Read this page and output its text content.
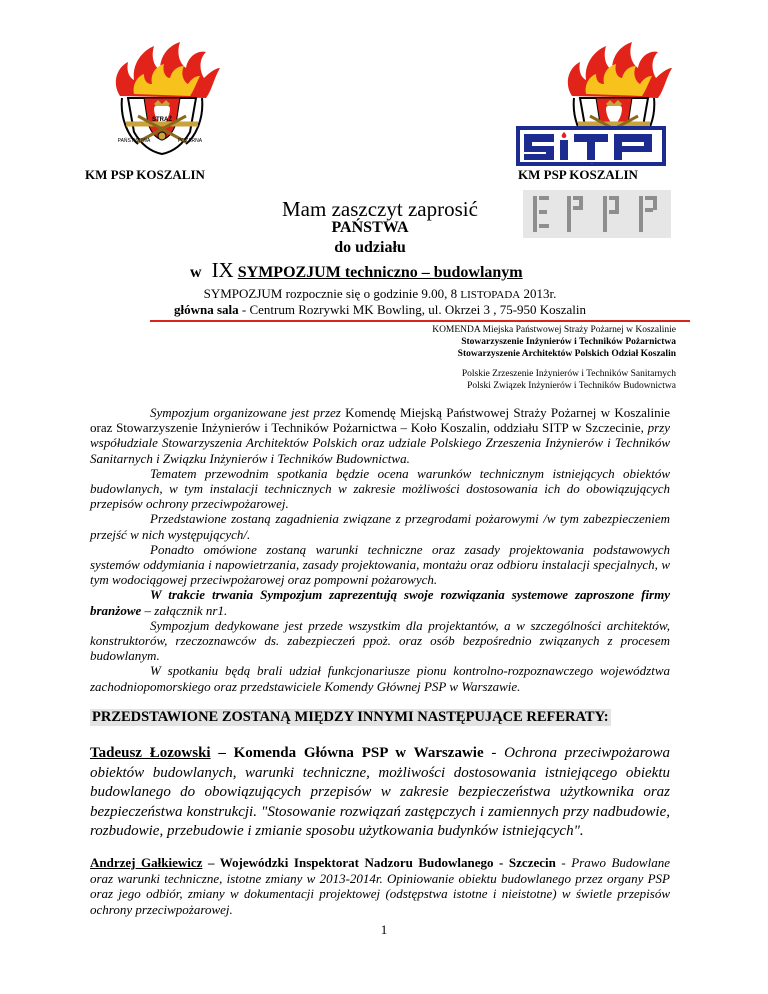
STRAŻ
PAŃSTWOWA	POŻARNA
SITP
KM PSP KOSZALIN	KM PSP KOSZALIN
Mam zaszczyt zaprosić
PAŃSTWA
do udziału
w IX SYMPOZJUM techniczno – budowlanym
SYMPOZJUM rozpocznie się o godzinie 9.00, 8 LISTOPADA 2013r.
główna sala - Centrum Rozrywki MK Bowling, ul. Okrzei 3 , 75-950 Koszalin
KOMENDA Miejska Państwowej Straży Pożarnej w Koszalinie
Stowarzyszenie Inżynierów i Techników Pożarnictwa
Stowarzyszenie Architektów Polskich Odział Koszalin
Polskie Zrzeszenie Inżynierów i Techników Sanitarnych
Polski Związek Inżynierów i Techników Budownictwa
Sympozjum organizowane jest przez Komendę Miejską Państwowej Straży Pożarnej w Koszalinie oraz Stowarzyszenie Inżynierów i Techników Pożarnictwa – Koło Koszalin, oddziału SITP w Szczecinie, przy współudziale Stowarzyszenia Architektów Polskich oraz udziale Polskiego Zrzeszenia Inżynierów i Techników Sanitarnych i Związku Inżynierów i Techników Budownictwa.
Tematem przewodnim spotkania będzie ocena warunków technicznym istniejących obiektów budowlanych, w tym instalacji technicznych w zakresie możliwości dostosowania ich do obowiązujących przepisów ochrony przeciwpożarowej.
Przedstawione zostaną zagadnienia związane z przegrodami pożarowymi /w tym zabezpieczeniem przejść w nich występujących/.
Ponadto omówione zostaną warunki techniczne oraz zasady projektowania podstawowych systemów oddymiania i napowietrzania, zasady projektowania, montażu oraz odbioru instalacji specjalnych, w tym wodociągowej przeciwpożarowej oraz pompowni pożarowych.
W trakcie trwania Sympozjum zaprezentują swoje rozwiązania systemowe zaproszone firmy branżowe – załącznik nr1.
Sympozjum dedykowane jest przede wszystkim dla projektantów, a w szczególności architektów, konstruktorów, rzeczoznawców ds. zabezpieczeń ppoż. oraz osób bezpośrednio związanych z procesem budowlanym.
W spotkaniu będą brali udział funkcjonariusze pionu kontrolno-rozpoznawczego województwa zachodniopomorskiego oraz przedstawiciele Komendy Głównej PSP w Warszawie.
PRZEDSTAWIONE ZOSTANĄ MIĘDZY INNYMI NASTĘPUJĄCE REFERATY:
Tadeusz Łozowski – Komenda Główna PSP w Warszawie - Ochrona przeciwpożarowa obiektów budowlanych, warunki techniczne, możliwości dostosowania istniejącego obiektu budowlanego do obowiązujących przepisów w zakresie bezpieczeństwa użytkownika oraz bezpieczeństwa konstrukcji. "Stosowanie rozwiązań zastępczych i zamiennych przy nadbudowie, rozbudowie, przebudowie i zmianie sposobu użytkowania budynków istniejących".
Andrzej Gałkiewicz – Wojewódzki Inspektorat Nadzoru Budowlanego - Szczecin - Prawo Budowlane oraz warunki techniczne, istotne zmiany w 2013-2014r. Opiniowanie obiektu budowlanego przez organy PSP oraz jego odbiór, zmiany w dokumentacji projektowej (odstępstwa istotne i nieistotne) w świetle przepisów ochrony przeciwpożarowej.
1
